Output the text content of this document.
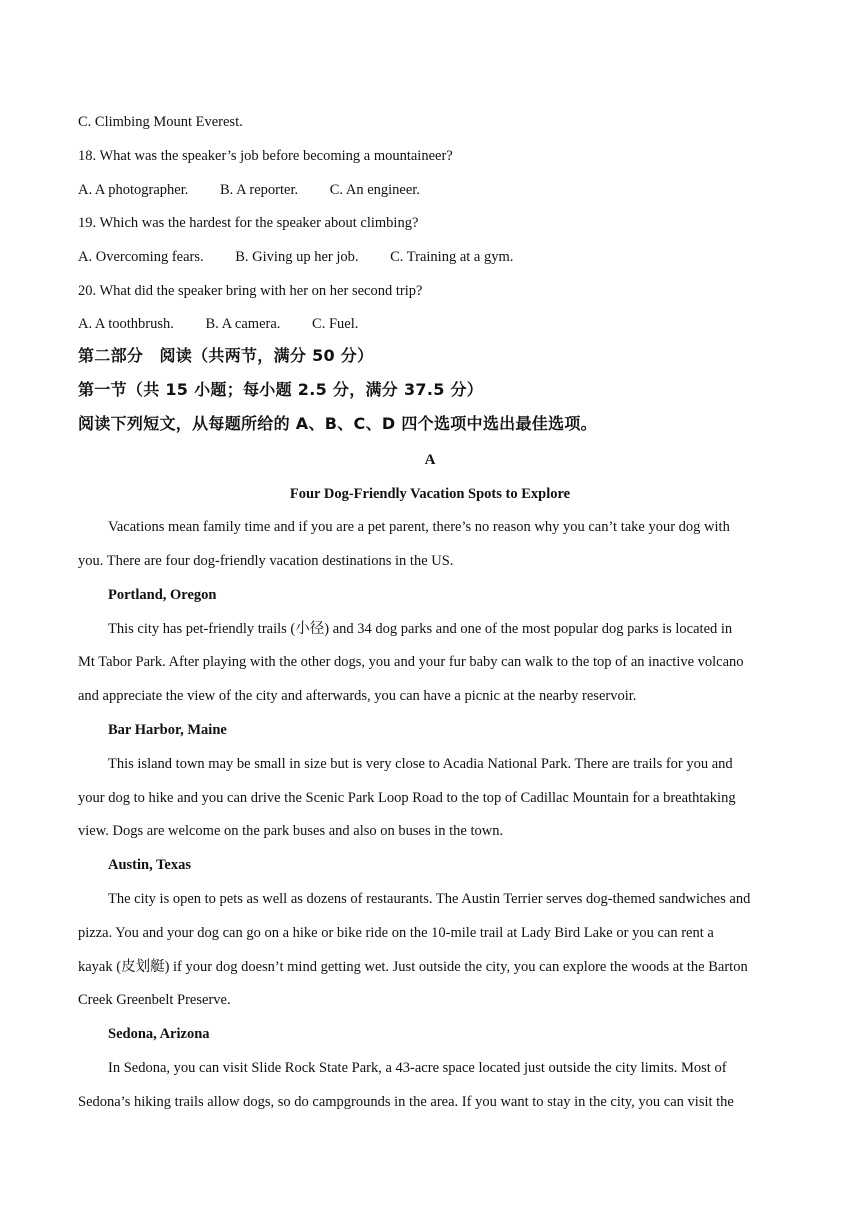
C. Climbing Mount Everest.
18. What was the speaker’s job before becoming a mountaineer?
A. A photographer. B. A reporter. C. An engineer.
19. Which was the hardest for the speaker about climbing?
A. Overcoming fears. B. Giving up her job. C. Training at a gym.
20. What did the speaker bring with her on her second trip?
A. A toothbrush. B. A camera. C. Fuel.
第二部分　阅读（共两节，满分 50 分）
第一节（共 15 小题；每小题 2.5 分，满分 37.5 分）
阅读下列短文，从每题所给的 A、B、C、D 四个选项中选出最佳选项。
A
Four Dog-Friendly Vacation Spots to Explore
Vacations mean family time and if you are a pet parent, there’s no reason why you can’t take your dog with
you. There are four dog-friendly vacation destinations in the US.
Portland, Oregon
This city has pet-friendly trails (小径) and 34 dog parks and one of the most popular dog parks is located in
Mt Tabor Park. After playing with the other dogs, you and your fur baby can walk to the top of an inactive volcano
and appreciate the view of the city and afterwards, you can have a picnic at the nearby reservoir.
Bar Harbor, Maine
This island town may be small in size but is very close to Acadia National Park. There are trails for you and
your dog to hike and you can drive the Scenic Park Loop Road to the top of Cadillac Mountain for a breathtaking
view. Dogs are welcome on the park buses and also on buses in the town.
Austin, Texas
The city is open to pets as well as dozens of restaurants. The Austin Terrier serves dog-themed sandwiches and
pizza. You and your dog can go on a hike or bike ride on the 10-mile trail at Lady Bird Lake or you can rent a
kayak (皮划艇) if your dog doesn’t mind getting wet. Just outside the city, you can explore the woods at the Barton
Creek Greenbelt Preserve.
Sedona, Arizona
In Sedona, you can visit Slide Rock State Park, a 43-acre space located just outside the city limits. Most of
Sedona’s hiking trails allow dogs, so do campgrounds in the area. If you want to stay in the city, you can visit the
